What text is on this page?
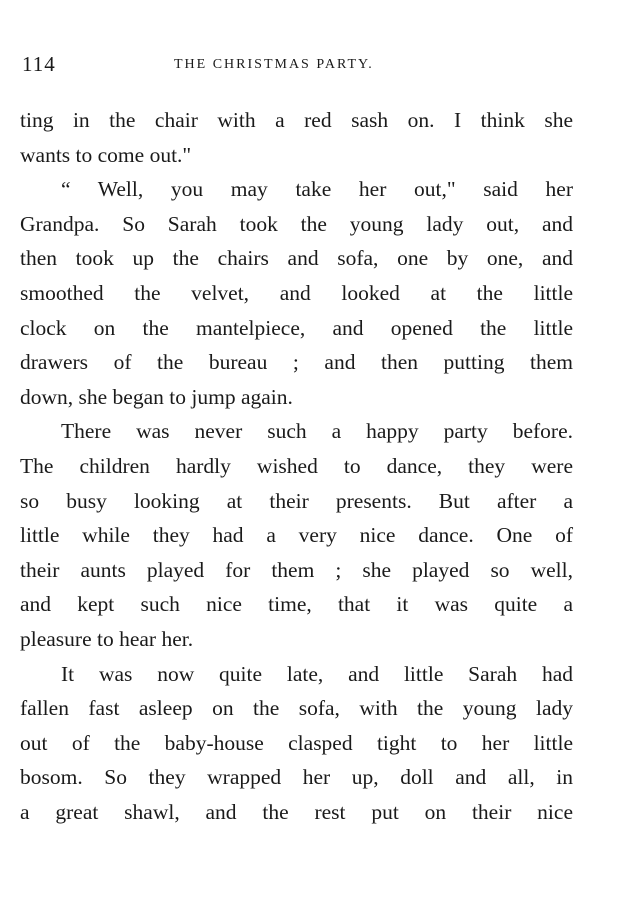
114	THE CHRISTMAS PARTY.
ting in the chair with a red sash on. I think she
wants to come out."
“ Well, you may take her out," said her
Grandpa. So Sarah took the young lady out, and
then took up the chairs and sofa, one by one, and
smoothed the velvet, and looked at the little
clock on the mantelpiece, and opened the little
drawers of the bureau ; and then putting them
down, she began to jump again.
There was never such a happy party before.
The children hardly wished to dance, they were
so busy looking at their presents. But after a
little while they had a very nice dance. One of
their aunts played for them ; she played so well,
and kept such nice time, that it was quite a
pleasure to hear her.
It was now quite late, and little Sarah had
fallen fast asleep on the sofa, with the young lady
out of the baby-house clasped tight to her little
bosom. So they wrapped her up, doll and all, in
a great shawl, and the rest put on their nice
